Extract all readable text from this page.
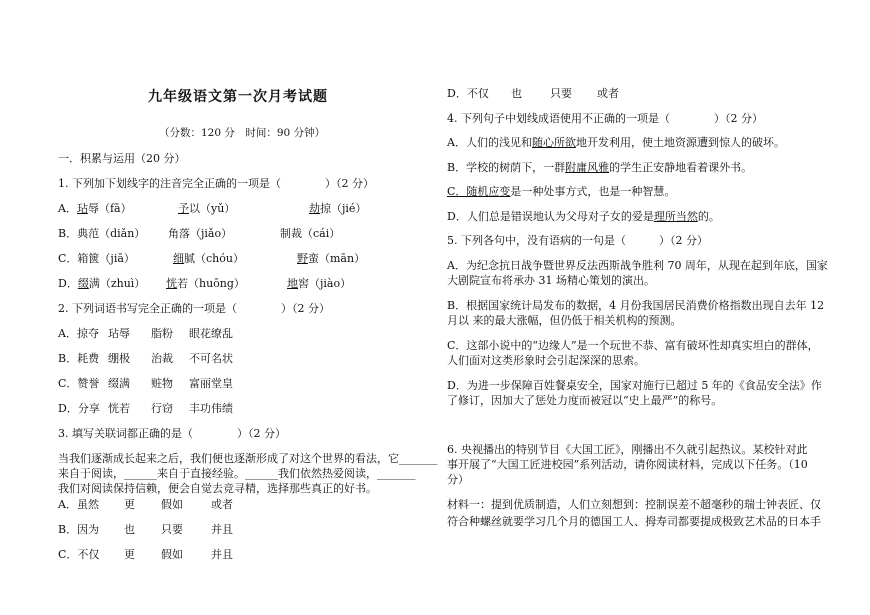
九年级语文第一次月考试题
（分数：120 分　时间：90 分钟）
一．积累与运用（20 分）
1. 下列加下划线字的注音完全正确的一项是（　　　　）（2 分）
A．玷辱（fā）	予以（yǔ）	劫掠（jié）
B．典范（diǎn） 角落（jiǎo）	制裁（cái）
C．箱篋（jiā）	细腻（chóu）	野蛮（mān）
D．缀满（zhuì） 恍若（huōng）	地窖（jiào）
2. 下列词语书写完全正确的一项是（　　　　）（2 分）
A．掠夺 玷辱 脂粉 眼花缭乱
B．耗费 绷极 治裁 不可名状
C．赞誉 缀满 赃物 富丽堂皇
D．分享 恍若 行窃 丰功伟绩
3. 填写关联词都正确的是（　　　　）（2 分）
当我们逐渐成长起来之后，我们便也逐渐形成了对这个世界的看法，它_______
来自于阅读，______来自于直接经验。______我们依然热爱阅读，_______
我们对阅读保持信赖，便会自觉去竞寻精，选择那些真正的好书。
A．虽然 更 假如	或者
B．因为 也 只要	并且
C．不仅 更 假如	并且
D．不仅 也	只要 或者
4. 下列句子中划线成语使用不正确的一项是（　　　　）（2 分）
A．人们的浅见和随心所欲地开发利用，使土地资源遭到惊人的破坏。
B．学校的树荫下，一群附庸风雅的学生正安静地看着课外书。
C．随机应变是一种处事方式，也是一种智慧。
D．人们总是错误地认为父母对子女的爱是理所当然的。
5. 下列各句中，没有语病的一句是（　　　）（2 分）
A．为纪念抗日战争暨世界反法西斯战争胜利 70 周年，从现在起到年底，国家
大剧院宣布将承办 31 场精心策划的演出。
B．根据国家统计局发布的数据，4 月份我国居民消费价格指数出现自去年 12
月以 来的最大涨幅，但仍低于相关机构的预测。
C．这部小说中的“边缘人”是一个玩世不恭、富有破坏性却真实坦白的群体，
人们面对这类形象时会引起深深的思索。
D．为进一步保障百姓餐桌安全，国家对施行已超过 5 年的《食品安全法》作
了修订，因加大了惩处力度而被冠以“史上最严”的称号。
6. 央视播出的特别节目《大国工匠》，刚播出不久就引起热议。某校针对此
事开展了“大国工匠进校园”系列活动，请你阅读材料，完成以下任务。（10
分）
材料一：提到优质制造，人们立刻想到：控制误差不超毫秒的瑞士钟表匠、仅
符合种螺丝就要学习几个月的德国工人、拇寿司都要提成极致艺术品的日本手
